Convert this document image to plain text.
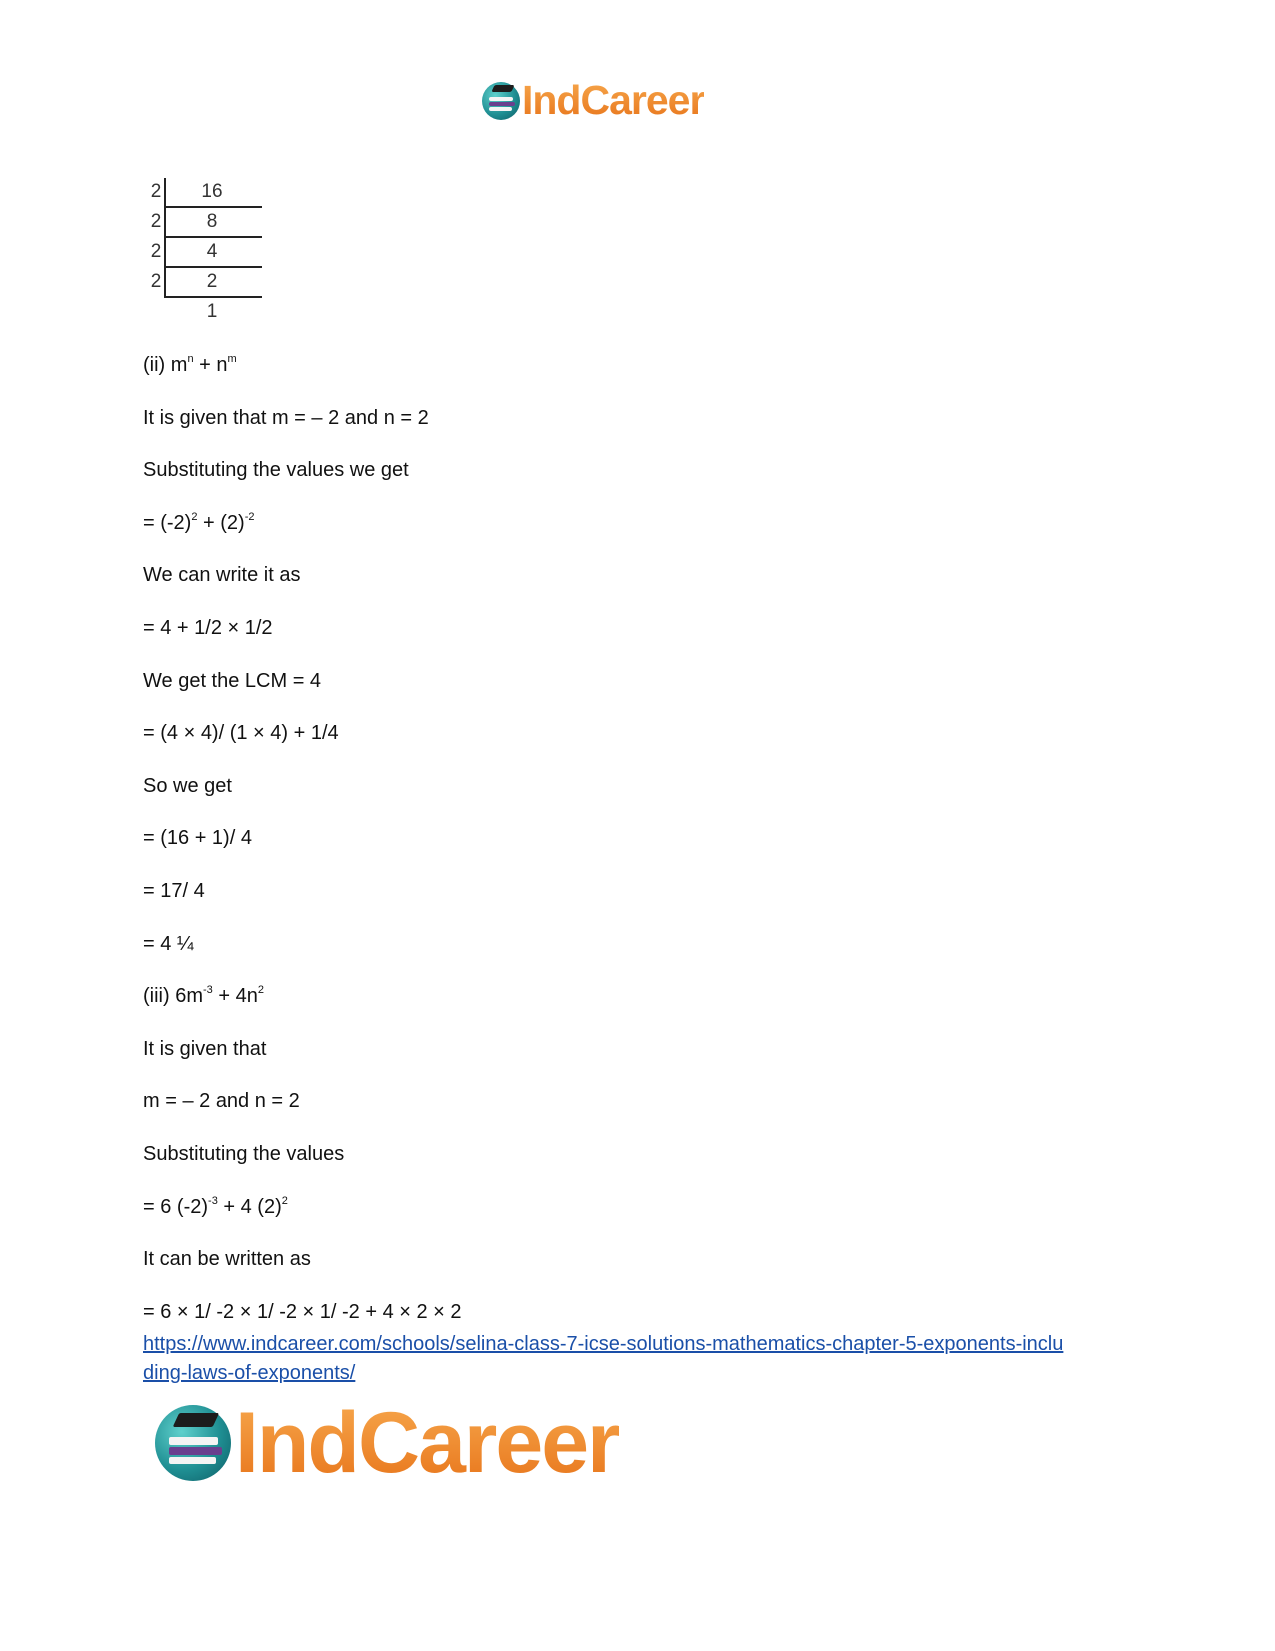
IndCareer
2	16
2	8
2	4
2	2
1

(ii) $m^n + n^m$

It is given that m = – 2 and n = 2

Substituting the values we get

= $(-2)^2 + (2)^{-2}$

We can write it as

= 4 + 1/2 × 1/2

We get the LCM = 4

= (4 × 4)/ (1 × 4) + 1/4

So we get

= (16 + 1)/ 4

= 17/ 4

= 4 ¼

(iii) $6m^{-3} + 4n^2$

It is given that

m = – 2 and n = 2

Substituting the values

= 6 $(-2)^{-3} + 4$ $(2)^2$

It can be written as

= 6 × 1/ -2 × 1/ -2 × 1/ -2 + 4 × 2 × 2

https://www.indcareer.com/schools/selina-class-7-icse-solutions-mathematics-chapter-5-exponents-including-laws-of-exponents/
IndCareer
